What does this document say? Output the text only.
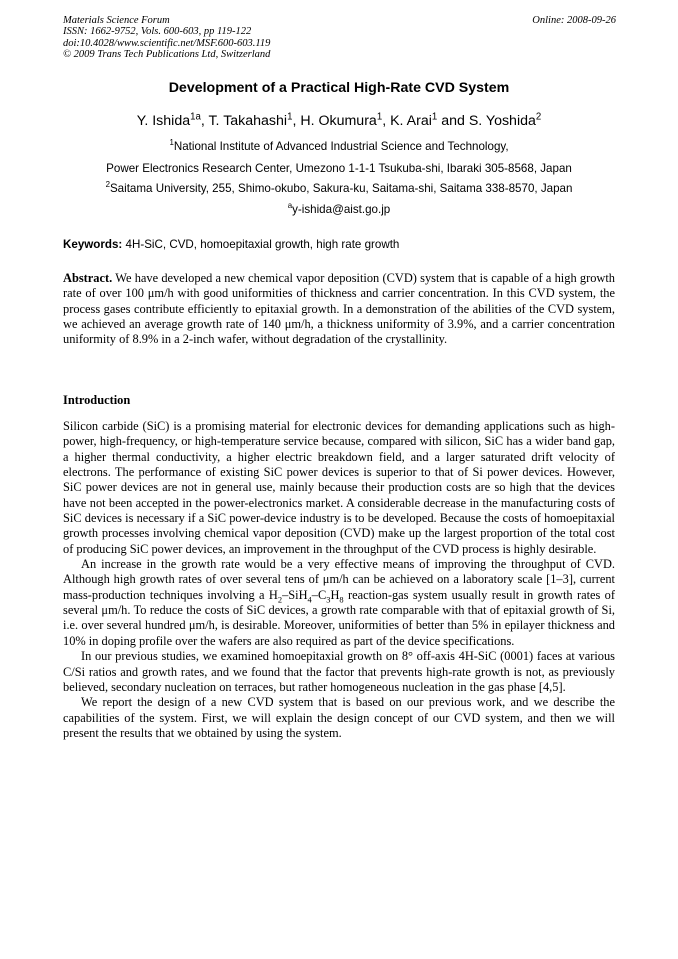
Materials Science Forum
ISSN: 1662-9752, Vols. 600-603, pp 119-122
doi:10.4028/www.scientific.net/MSF.600-603.119
© 2009 Trans Tech Publications Ltd, Switzerland
Online: 2008-09-26
Development of a Practical High-Rate CVD System
Y. Ishida$^{1a}$, T. Takahashi$^1$, H. Okumura$^1$, K. Arai$^1$ and S. Yoshida$^2$
$^1$National Institute of Advanced Industrial Science and Technology,
Power Electronics Research Center, Umezono 1-1-1 Tsukuba-shi, Ibaraki 305-8568, Japan
$^2$Saitama University, 255, Shimo-okubo, Sakura-ku, Saitama-shi, Saitama 338-8570, Japan
$^a$y-ishida@aist.go.jp
Keywords: 4H-SiC, CVD, homoepitaxial growth, high rate growth

Abstract. We have developed a new chemical vapor deposition (CVD) system that is capable of a high growth rate of over 100 μm/h with good uniformities of thickness and carrier concentration. In this CVD system, the process gases contribute efficiently to epitaxial growth. In a demonstration of the abilities of the CVD system, we achieved an average growth rate of 140 μm/h, a thickness uniformity of 3.9%, and a carrier concentration uniformity of 8.9% in a 2-inch wafer, without degradation of the crystallinity.

Introduction

Silicon carbide (SiC) is a promising material for electronic devices for demanding applications such as high-power, high-frequency, or high-temperature service because, compared with silicon, SiC has a wider band gap, a higher thermal conductivity, a higher electric breakdown field, and a larger saturated drift velocity of electrons. The performance of existing SiC power devices is superior to that of Si power devices. However, SiC power devices are not in general use, mainly because their production costs are so high that the devices have not been accepted in the power-electronics market. A considerable decrease in the manufacturing costs of SiC devices is necessary if a SiC power-device industry is to be developed. Because the costs of homoepitaxial growth processes involving chemical vapor deposition (CVD) make up the largest proportion of the total cost of producing SiC power devices, an improvement in the throughput of the CVD process is highly desirable.

An increase in the growth rate would be a very effective means of improving the throughput of CVD. Although high growth rates of over several tens of μm/h can be achieved on a laboratory scale [1–3], current mass-production techniques involving a $H_2-SiH_4-C_3H_8$ reaction-gas system usually result in growth rates of several μm/h. To reduce the costs of SiC devices, a growth rate comparable with that of epitaxial growth of Si, i.e. over several hundred μm/h, is desirable. Moreover, uniformities of better than 5% in epilayer thickness and 10% in doping profile over the wafers are also required as part of the device specifications.

In our previous studies, we examined homoepitaxial growth on 8° off-axis 4H-SiC (0001) faces at various C/Si ratios and growth rates, and we found that the factor that prevents high-rate growth is not, as previously believed, secondary nucleation on terraces, but rather homogeneous nucleation in the gas phase [4,5].

We report the design of a new CVD system that is based on our previous work, and we describe the capabilities of the system. First, we will explain the design concept of our CVD system, and then we will present the results that we obtained by using the system.
